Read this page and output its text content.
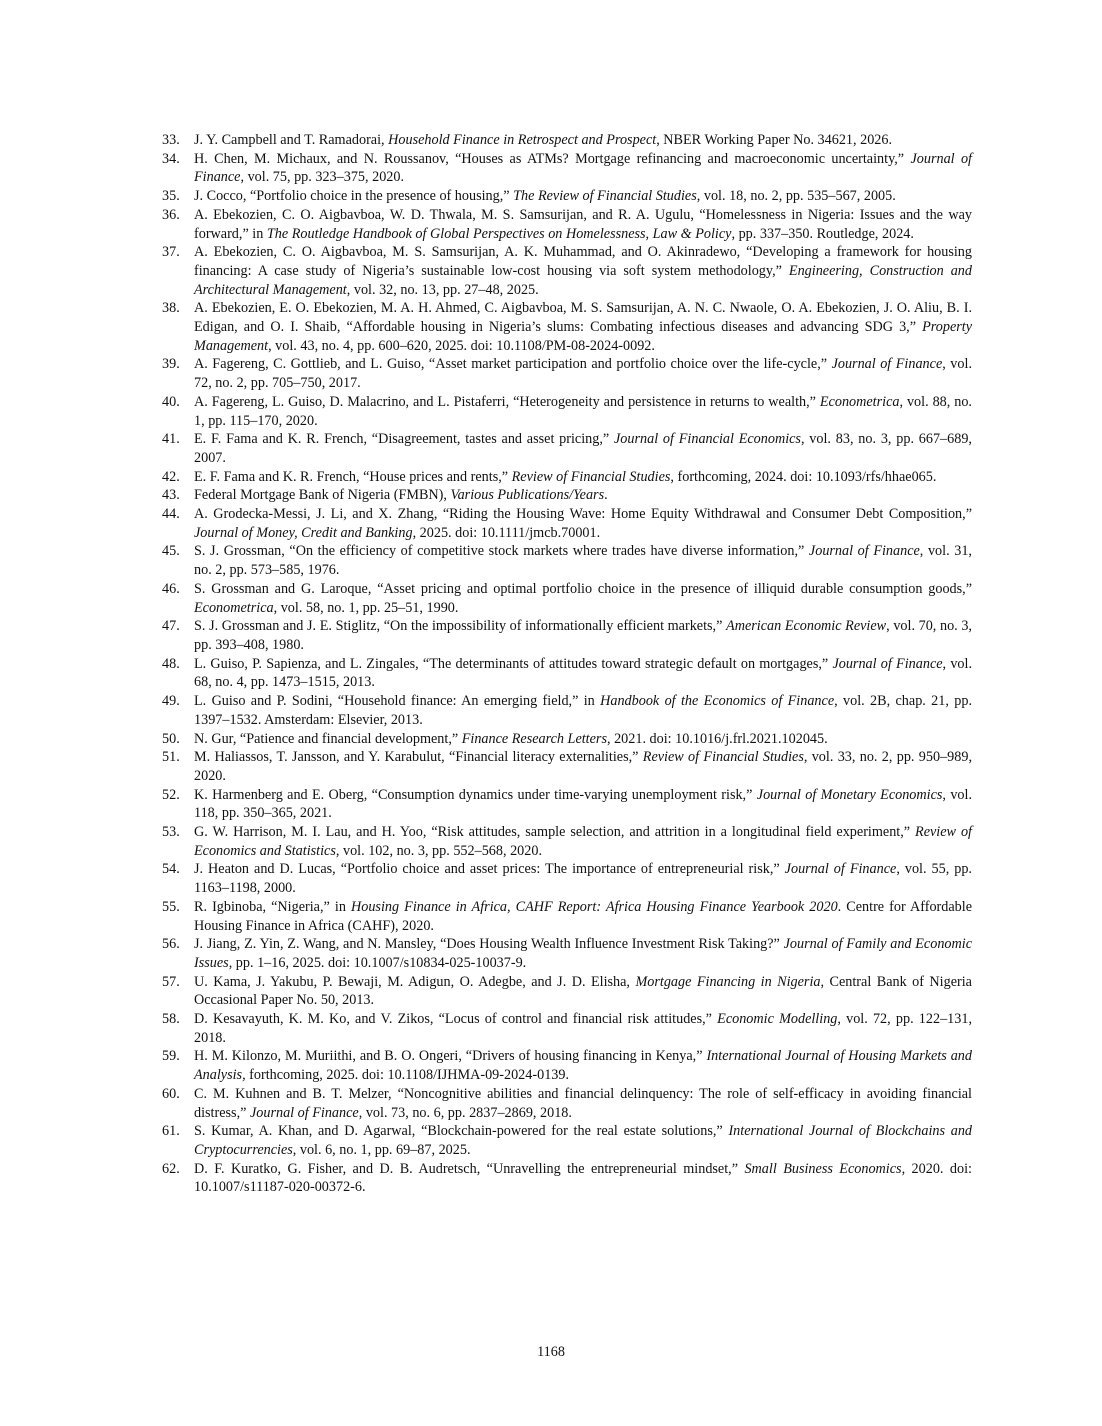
33.	J. Y. Campbell and T. Ramadorai, Household Finance in Retrospect and Prospect, NBER Working Paper No. 34621, 2026.
34.	H. Chen, M. Michaux, and N. Roussanov, “Houses as ATMs? Mortgage refinancing and macroeconomic uncertainty,” Journal of Finance, vol. 75, pp. 323–375, 2020.
35.	J. Cocco, “Portfolio choice in the presence of housing,” The Review of Financial Studies, vol. 18, no. 2, pp. 535–567, 2005.
36.	A. Ebekozien, C. O. Aigbavboa, W. D. Thwala, M. S. Samsurijan, and R. A. Ugulu, “Homelessness in Nigeria: Issues and the way forward,” in The Routledge Handbook of Global Perspectives on Homelessness, Law & Policy, pp. 337–350. Routledge, 2024.
37.	A. Ebekozien, C. O. Aigbavboa, M. S. Samsurijan, A. K. Muhammad, and O. Akinradewo, “Developing a framework for housing financing: A case study of Nigeria’s sustainable low-cost housing via soft system methodology,” Engineering, Construction and Architectural Management, vol. 32, no. 13, pp. 27–48, 2025.
38.	A. Ebekozien, E. O. Ebekozien, M. A. H. Ahmed, C. Aigbavboa, M. S. Samsurijan, A. N. C. Nwaole, O. A. Ebekozien, J. O. Aliu, B. I. Edigan, and O. I. Shaib, “Affordable housing in Nigeria’s slums: Combating infectious diseases and advancing SDG 3,” Property Management, vol. 43, no. 4, pp. 600–620, 2025. doi: 10.1108/PM-08-2024-0092.
39.	A. Fagereng, C. Gottlieb, and L. Guiso, “Asset market participation and portfolio choice over the life-cycle,” Journal of Finance, vol. 72, no. 2, pp. 705–750, 2017.
40.	A. Fagereng, L. Guiso, D. Malacrino, and L. Pistaferri, “Heterogeneity and persistence in returns to wealth,” Econometrica, vol. 88, no. 1, pp. 115–170, 2020.
41.	E. F. Fama and K. R. French, “Disagreement, tastes and asset pricing,” Journal of Financial Economics, vol. 83, no. 3, pp. 667–689, 2007.
42.	E. F. Fama and K. R. French, “House prices and rents,” Review of Financial Studies, forthcoming, 2024. doi: 10.1093/rfs/hhae065.
43.	Federal Mortgage Bank of Nigeria (FMBN), Various Publications/Years.
44.	A. Grodecka-Messi, J. Li, and X. Zhang, “Riding the Housing Wave: Home Equity Withdrawal and Consumer Debt Composition,” Journal of Money, Credit and Banking, 2025. doi: 10.1111/jmcb.70001.
45.	S. J. Grossman, “On the efficiency of competitive stock markets where trades have diverse information,” Journal of Finance, vol. 31, no. 2, pp. 573–585, 1976.
46.	S. Grossman and G. Laroque, “Asset pricing and optimal portfolio choice in the presence of illiquid durable consumption goods,” Econometrica, vol. 58, no. 1, pp. 25–51, 1990.
47.	S. J. Grossman and J. E. Stiglitz, “On the impossibility of informationally efficient markets,” American Economic Review, vol. 70, no. 3, pp. 393–408, 1980.
48.	L. Guiso, P. Sapienza, and L. Zingales, “The determinants of attitudes toward strategic default on mortgages,” Journal of Finance, vol. 68, no. 4, pp. 1473–1515, 2013.
49.	L. Guiso and P. Sodini, “Household finance: An emerging field,” in Handbook of the Economics of Finance, vol. 2B, chap. 21, pp. 1397–1532. Amsterdam: Elsevier, 2013.
50.	N. Gur, “Patience and financial development,” Finance Research Letters, 2021. doi: 10.1016/j.frl.2021.102045.
51.	M. Haliassos, T. Jansson, and Y. Karabulut, “Financial literacy externalities,” Review of Financial Studies, vol. 33, no. 2, pp. 950–989, 2020.
52.	K. Harmenberg and E. Oberg, “Consumption dynamics under time-varying unemployment risk,” Journal of Monetary Economics, vol. 118, pp. 350–365, 2021.
53.	G. W. Harrison, M. I. Lau, and H. Yoo, “Risk attitudes, sample selection, and attrition in a longitudinal field experiment,” Review of Economics and Statistics, vol. 102, no. 3, pp. 552–568, 2020.
54.	J. Heaton and D. Lucas, “Portfolio choice and asset prices: The importance of entrepreneurial risk,” Journal of Finance, vol. 55, pp. 1163–1198, 2000.
55.	R. Igbinoba, “Nigeria,” in Housing Finance in Africa, CAHF Report: Africa Housing Finance Yearbook 2020. Centre for Affordable Housing Finance in Africa (CAHF), 2020.
56.	J. Jiang, Z. Yin, Z. Wang, and N. Mansley, “Does Housing Wealth Influence Investment Risk Taking?” Journal of Family and Economic Issues, pp. 1–16, 2025. doi: 10.1007/s10834-025-10037-9.
57.	U. Kama, J. Yakubu, P. Bewaji, M. Adigun, O. Adegbe, and J. D. Elisha, Mortgage Financing in Nigeria, Central Bank of Nigeria Occasional Paper No. 50, 2013.
58.	D. Kesavayuth, K. M. Ko, and V. Zikos, “Locus of control and financial risk attitudes,” Economic Modelling, vol. 72, pp. 122–131, 2018.
59.	H. M. Kilonzo, M. Muriithi, and B. O. Ongeri, “Drivers of housing financing in Kenya,” International Journal of Housing Markets and Analysis, forthcoming, 2025. doi: 10.1108/IJHMA-09-2024-0139.
60.	C. M. Kuhnen and B. T. Melzer, “Noncognitive abilities and financial delinquency: The role of self-efficacy in avoiding financial distress,” Journal of Finance, vol. 73, no. 6, pp. 2837–2869, 2018.
61.	S. Kumar, A. Khan, and D. Agarwal, “Blockchain-powered for the real estate solutions,” International Journal of Blockchains and Cryptocurrencies, vol. 6, no. 1, pp. 69–87, 2025.
62.	D. F. Kuratko, G. Fisher, and D. B. Audretsch, “Unravelling the entrepreneurial mindset,” Small Business Economics, 2020. doi: 10.1007/s11187-020-00372-6.
1168
